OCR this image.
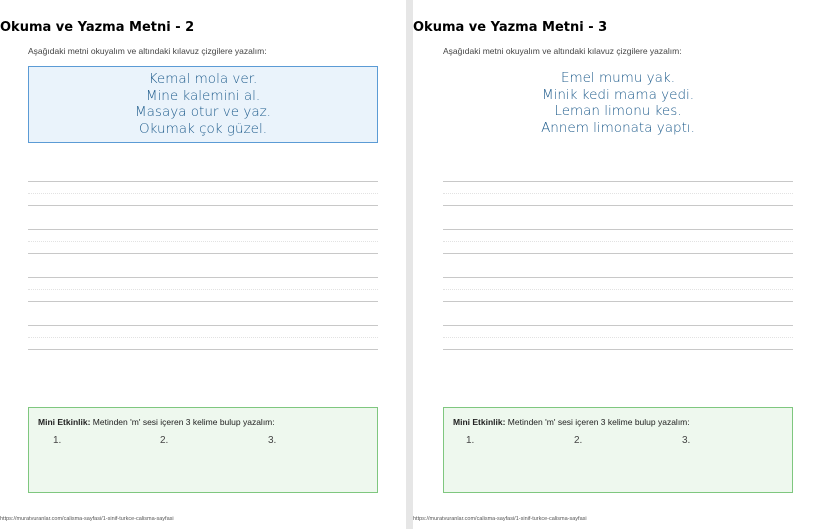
Okuma ve Yazma Metni - 2
Aşağıdaki metni okuyalım ve altındaki kılavuz çizgilere yazalım:
Kemal mola ver.
Mine kalemini al.
Masaya otur ve yaz.
Okumak çok güzel.
Mini Etkinlik: Metinden 'm' sesi içeren 3 kelime bulup yazalım:
1.	2.	3.
https://muratvuranlar.com/calisma-sayfasi/1-sinif-turkce-calisma-sayfasi
Okuma ve Yazma Metni - 3
Aşağıdaki metni okuyalım ve altındaki kılavuz çizgilere yazalım:
Emel mumu yak.
Minik kedi mama yedi.
Leman limonu kes.
Annem limonata yaptı.
Mini Etkinlik: Metinden 'm' sesi içeren 3 kelime bulup yazalım:
1.	2.	3.
https://muratvuranlar.com/calisma-sayfasi/1-sinif-turkce-calisma-sayfasi
